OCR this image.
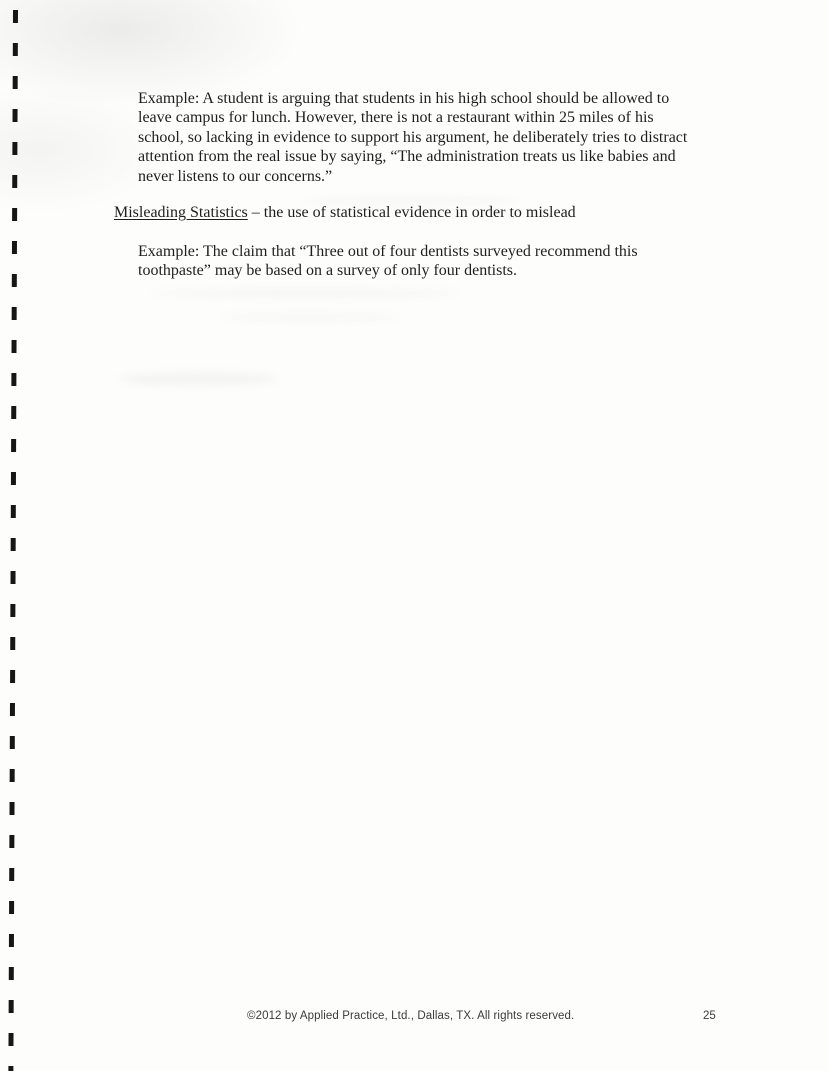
Example: A student is arguing that students in his high school should be allowed to
leave campus for lunch. However, there is not a restaurant within 25 miles of his
school, so lacking in evidence to support his argument, he deliberately tries to distract
attention from the real issue by saying, “The administration treats us like babies and
never listens to our concerns.”
Misleading Statistics – the use of statistical evidence in order to mislead
Example: The claim that “Three out of four dentists surveyed recommend this
toothpaste” may be based on a survey of only four dentists.
©2012 by Applied Practice, Ltd., Dallas, TX. All rights reserved.	25
